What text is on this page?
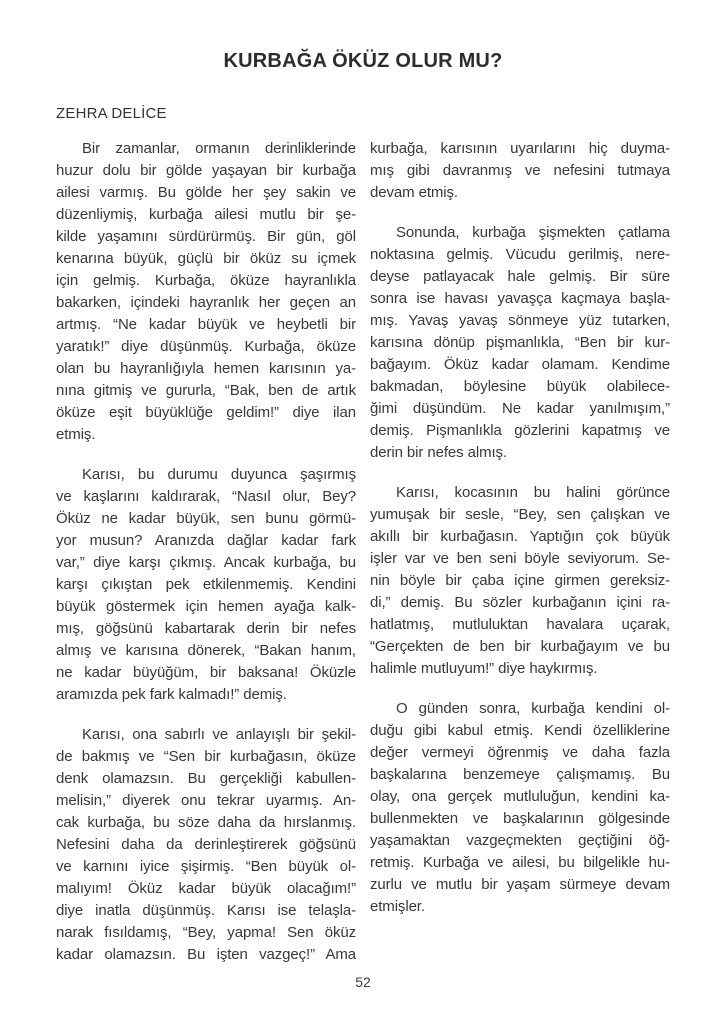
KURBAĞA ÖKÜZ OLUR MU?
ZEHRA DELİCE
Bir zamanlar, ormanın derinliklerinde
huzur dolu bir gölde yaşayan bir kurbağa
ailesi varmış. Bu gölde her şey sakin ve
düzenliymiş, kurbağa ailesi mutlu bir şe-
kilde yaşamını sürdürürmüş. Bir gün, göl
kenarına büyük, güçlü bir öküz su içmek
için gelmiş. Kurbağa, öküze hayranlıkla
bakarken, içindeki hayranlık her geçen an
artmış. “Ne kadar büyük ve heybetli bir
yaratık!” diye düşünmüş. Kurbağa, öküze
olan bu hayranlığıyla hemen karısının ya-
nına gitmiş ve gururla, “Bak, ben de artık
öküze eşit büyüklüğe geldim!” diye ilan
etmiş.
Karısı, bu durumu duyunca şaşırmış
ve kaşlarını kaldırarak, “Nasıl olur, Bey?
Öküz ne kadar büyük, sen bunu görmü-
yor musun? Aranızda dağlar kadar fark
var,” diye karşı çıkmış. Ancak kurbağa, bu
karşı çıkıştan pek etkilenmemiş. Kendini
büyük göstermek için hemen ayağa kalk-
mış, göğsünü kabartarak derin bir nefes
almış ve karısına dönerek, “Bakan hanım,
ne kadar büyüğüm, bir baksana! Öküzle
aramızda pek fark kalmadı!” demiş.
Karısı, ona sabırlı ve anlayışlı bir şekil-
de bakmış ve “Sen bir kurbağasın, öküze
denk olamazsın. Bu gerçekliği kabullen-
melisin,” diyerek onu tekrar uyarmış. An-
cak kurbağa, bu söze daha da hırslanmış.
Nefesini daha da derinleştirerek göğsünü
ve karnını iyice şişirmiş. “Ben büyük ol-
malıyım! Öküz kadar büyük olacağım!”
diye inatla düşünmüş. Karısı ise telaşla-
narak fısıldamış, “Bey, yapma! Sen öküz
kadar olamazsın. Bu işten vazgeç!” Ama
kurbağa, karısının uyarılarını hiç duyma-
mış gibi davranmış ve nefesini tutmaya
devam etmiş.
Sonunda, kurbağa şişmekten çatlama
noktasına gelmiş. Vücudu gerilmiş, nere-
deyse patlayacak hale gelmiş. Bir süre
sonra ise havası yavaşça kaçmaya başla-
mış. Yavaş yavaş sönmeye yüz tutarken,
karısına dönüp pişmanlıkla, “Ben bir kur-
bağayım. Öküz kadar olamam. Kendime
bakmadan, böylesine büyük olabilece-
ğimi düşündüm. Ne kadar yanılmışım,”
demiş. Pişmanlıkla gözlerini kapatmış ve
derin bir nefes almış.
Karısı, kocasının bu halini görünce
yumuşak bir sesle, “Bey, sen çalışkan ve
akıllı bir kurbağasın. Yaptığın çok büyük
işler var ve ben seni böyle seviyorum. Se-
nin böyle bir çaba içine girmen gereksiz-
di,” demiş. Bu sözler kurbağanın içini ra-
hatlatmış, mutluluktan havalara uçarak,
“Gerçekten de ben bir kurbağayım ve bu
halimle mutluyum!” diye haykırmış.
O günden sonra, kurbağa kendini ol-
duğu gibi kabul etmiş. Kendi özelliklerine
değer vermeyi öğrenmiş ve daha fazla
başkalarına benzemeye çalışmamış. Bu
olay, ona gerçek mutluluğun, kendini ka-
bullenmekten ve başkalarının gölgesinde
yaşamaktan vazgeçmekten geçtiğini öğ-
retmiş. Kurbağa ve ailesi, bu bilgelikle hu-
zurlu ve mutlu bir yaşam sürmeye devam
etmişler.
52
